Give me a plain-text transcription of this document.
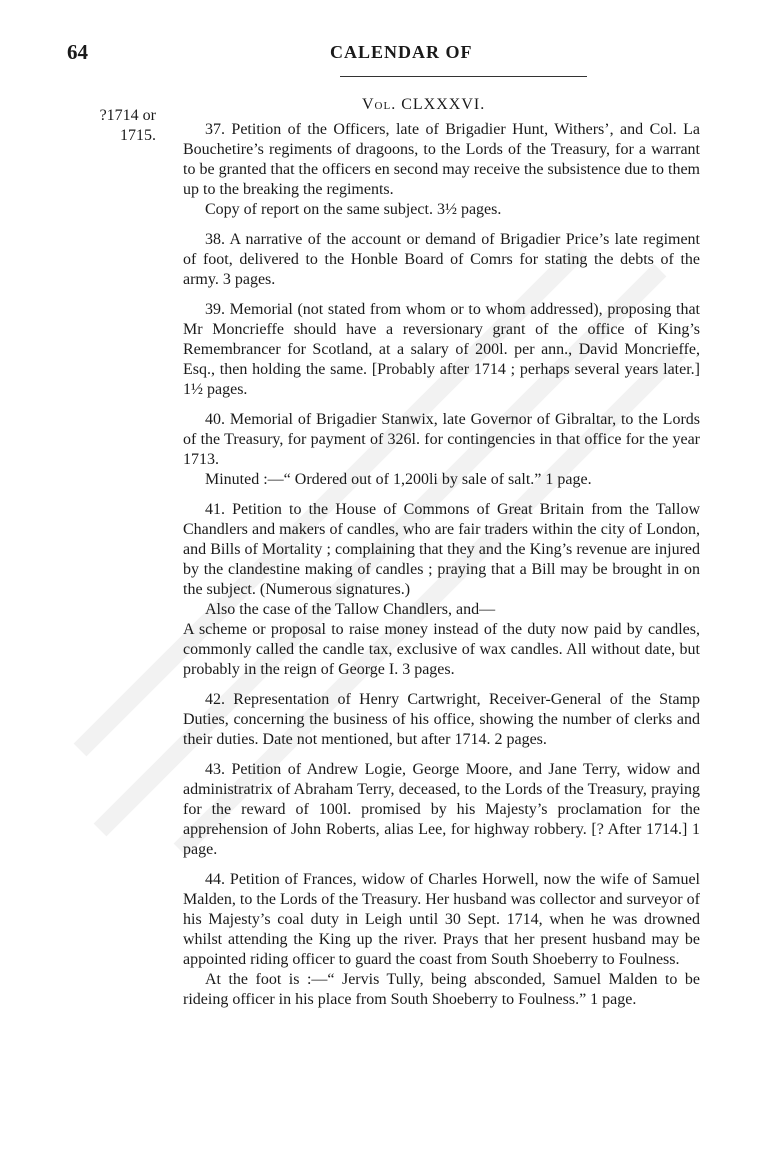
64	CALENDAR OF
Vol. CLXXXVI.
?1714 or
1715.	37. Petition of the Officers, late of Brigadier Hunt, Withers’, and Col. La Bouchetire’s regiments of dragoons, to the Lords of the Treasury, for a warrant to be granted that the officers en second may receive the subsistence due to them up to the breaking the regiments.

Copy of report on the same subject. 3½ pages.

38. A narrative of the account or demand of Brigadier Price’s late regiment of foot, delivered to the Honble Board of Comrs for stating the debts of the army. 3 pages.

39. Memorial (not stated from whom or to whom addressed), proposing that Mr Moncrieffe should have a reversionary grant of the office of King’s Remembrancer for Scotland, at a salary of 200l. per ann., David Moncrieffe, Esq., then holding the same. [Probably after 1714 ; perhaps several years later.] 1½ pages.

40. Memorial of Brigadier Stanwix, late Governor of Gibraltar, to the Lords of the Treasury, for payment of 326l. for contingencies in that office for the year 1713.

Minuted :—“ Ordered out of 1,200li by sale of salt.” 1 page.

41. Petition to the House of Commons of Great Britain from the Tallow Chandlers and makers of candles, who are fair traders within the city of London, and Bills of Mortality ; complaining that they and the King’s revenue are injured by the clandestine making of candles ; praying that a Bill may be brought in on the subject. (Numerous signatures.)

Also the case of the Tallow Chandlers, and—

A scheme or proposal to raise money instead of the duty now paid by candles, commonly called the candle tax, exclusive of wax candles. All without date, but probably in the reign of George I. 3 pages.

42. Representation of Henry Cartwright, Receiver-General of the Stamp Duties, concerning the business of his office, showing the number of clerks and their duties. Date not mentioned, but after 1714. 2 pages.

43. Petition of Andrew Logie, George Moore, and Jane Terry, widow and administratrix of Abraham Terry, deceased, to the Lords of the Treasury, praying for the reward of 100l. promised by his Majesty’s proclamation for the apprehension of John Roberts, alias Lee, for highway robbery. [? After 1714.] 1 page.

44. Petition of Frances, widow of Charles Horwell, now the wife of Samuel Malden, to the Lords of the Treasury. Her husband was collector and surveyor of his Majesty’s coal duty in Leigh until 30 Sept. 1714, when he was drowned whilst attending the King up the river. Prays that her present husband may be appointed riding officer to guard the coast from South Shoeberry to Foulness.

At the foot is :—“ Jervis Tully, being absconded, Samuel Malden to be rideing officer in his place from South Shoeberry to Foulness.” 1 page.
